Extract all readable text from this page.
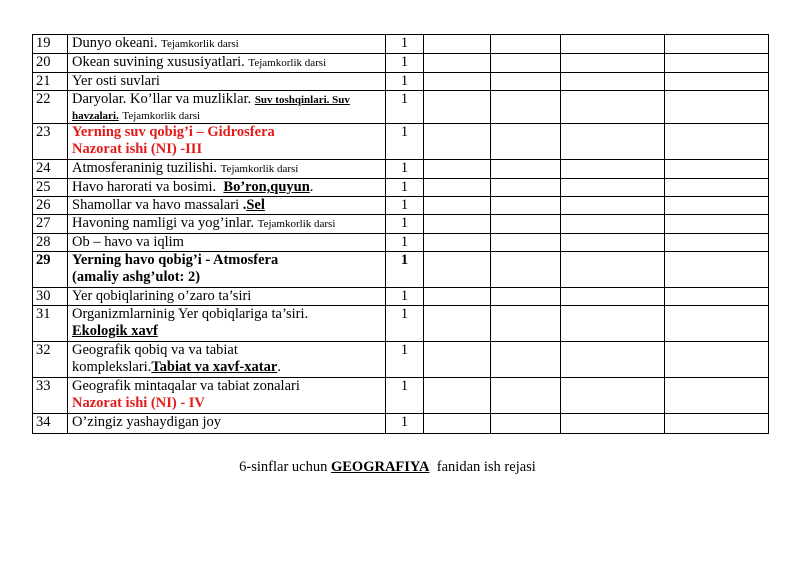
19	Dunyo okeani. Tejamkorlik darsi	1				
20	Okean suvining xususiyatlari. Tejamkorlik darsi	1				
21	Yer osti suvlari	1				
22	Daryolar. Ko’llar va muzliklar. Suv toshqinlari. Suv havzalari. Tejamkorlik darsi	1				
23	Yerning suv qobig’i – Gidrosfera
Nazorat ishi (NI) -III	1				
24	Atmosferaninig tuzilishi. Tejamkorlik darsi	1				
25	Havo harorati va bosimi. Bo’ron,quyun.	1				
26	Shamollar va havo massalari .Sel	1				
27	Havoning namligi va yog’inlar. Tejamkorlik darsi	1				
28	Ob – havo va iqlim	1				
29	Yerning havo qobig’i - Atmosfera
(amaliy ashg’ulot: 2)	1				
30	Yer qobiqlarining o’zaro ta’siri	1				
31	Organizmlarninig Yer qobiqlariga ta’siri.
Ekologik xavf	1				
32	Geografik qobiq va va tabiat
komplekslari.Tabiat va xavf-xatar.	1				
33	Geografik mintaqalar va tabiat zonalari
Nazorat ishi (NI) - IV	1				
34	O’zingiz yashaydigan joy	1				
6-sinflar uchun GEOGRAFIYA  fanidan ish rejasi
